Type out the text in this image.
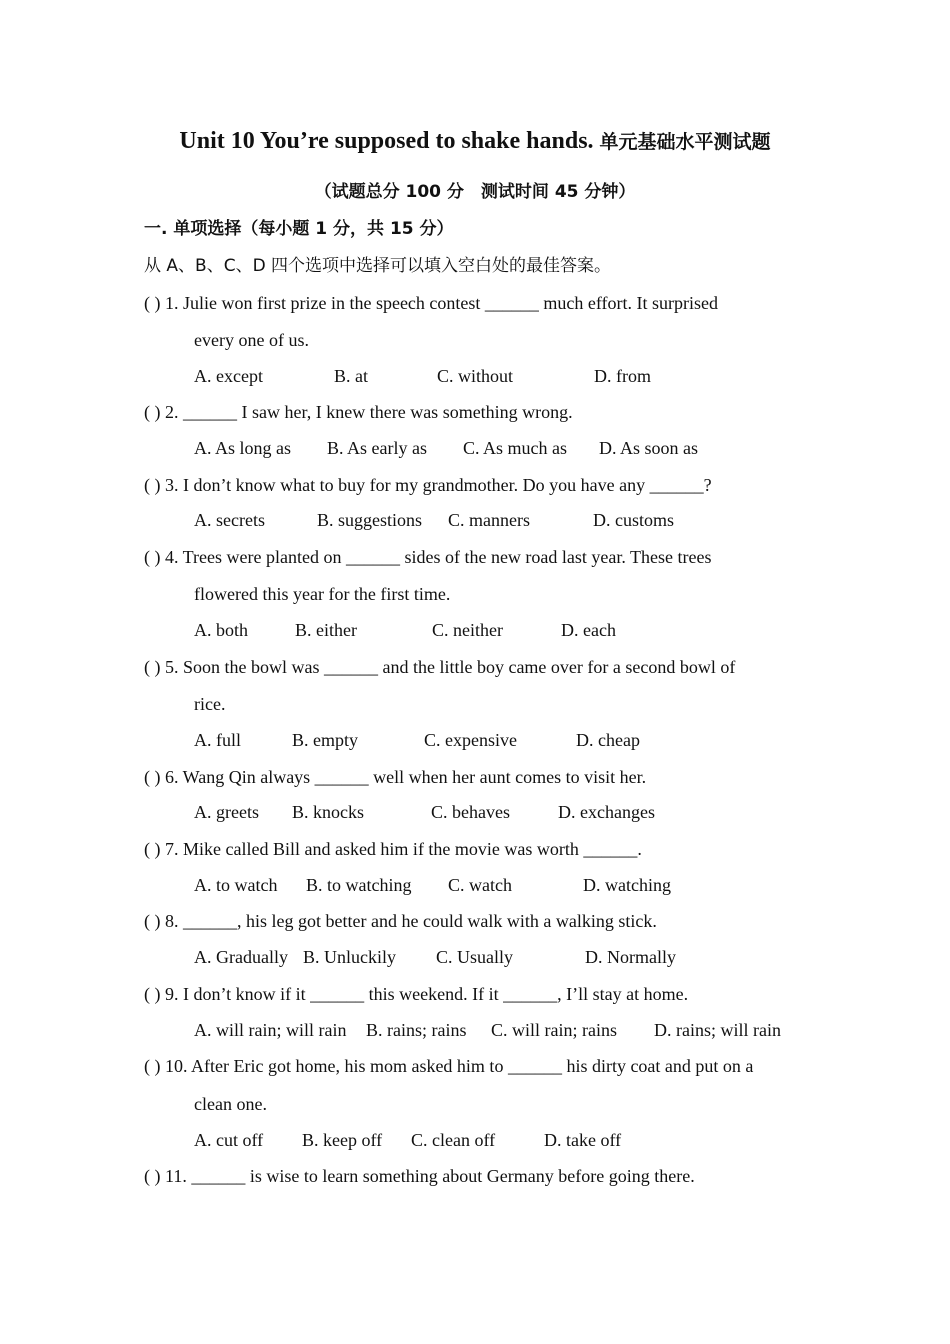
Unit 10 You’re supposed to shake hands. 单元基础水平测试题
（试题总分 100 分　测试时间 45 分钟）
一. 单项选择（每小题 1 分，共 15 分）
从 A、B、C、D 四个选项中选择可以填入空白处的最佳答案。
( ) 1. Julie won first prize in the speech contest ______ much effort. It surprised
every one of us.
A. except	B. at	C. without	D. from
( ) 2. ______ I saw her, I knew there was something wrong.
A. As long as B. As early as C. As much as D. As soon as
( ) 3. I don’t know what to buy for my grandmother. Do you have any ______?
A. secrets	B. suggestions C. manners	D. customs
( ) 4. Trees were planted on ______ sides of the new road last year. These trees
flowered this year for the first time.
A. both	B. either	C. neither	D. each
( ) 5. Soon the bowl was ______ and the little boy came over for a second bowl of
rice.
A. full	B. empty	C. expensive	D. cheap
( ) 6. Wang Qin always ______ well when her aunt comes to visit her.
A. greets B. knocks	C. behaves	D. exchanges
( ) 7. Mike called Bill and asked him if the movie was worth ______.
A. to watch B. to watching C. watch	D. watching
( ) 8. ______, his leg got better and he could walk with a walking stick.
A. Gradually B. Unluckily C. Usually	D. Normally
( ) 9. I don’t know if it ______ this weekend. If it ______, I’ll stay at home.
A. will rain; will rain B. rains; rains C. will rain; rains D. rains; will rain
( ) 10. After Eric got home, his mom asked him to ______ his dirty coat and put on a
clean one.
A. cut off B. keep off C. clean off	D. take off
( ) 11. ______ is wise to learn something about Germany before going there.
